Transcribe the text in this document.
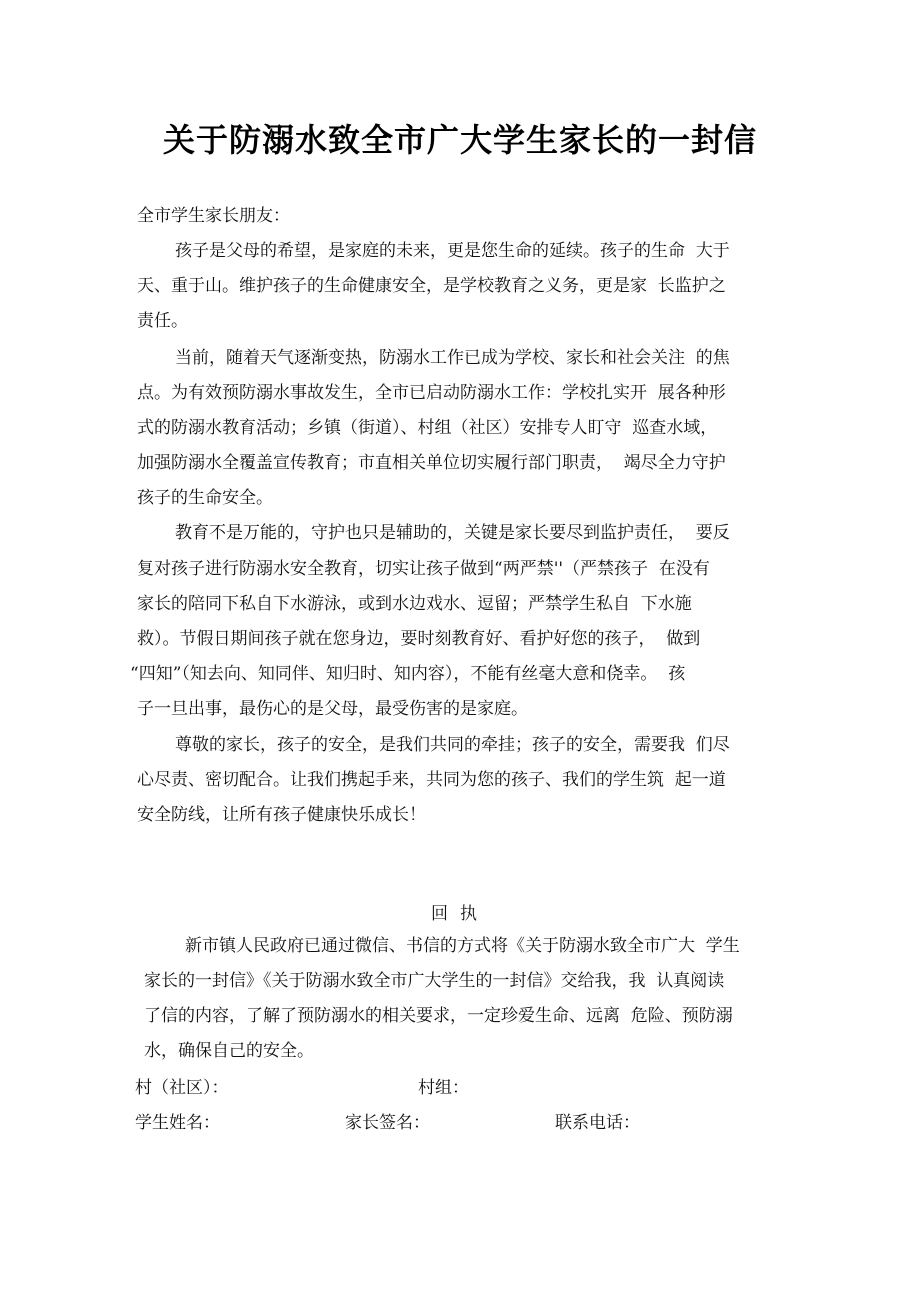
关于防溺水致全市广大学生家长的一封信
全市学生家长朋友：
孩子是父母的希望，是家庭的未来，更是您生命的延续。孩子的生命  大于
天、重于山。维护孩子的生命健康安全，是学校教育之义务，更是家  长监护之
责任。
当前，随着天气逐渐变热，防溺水工作已成为学校、家长和社会关注  的焦
点。为有效预防溺水事故发生，全市已启动防溺水工作：学校扎实开  展各种形
式的防溺水教育活动；乡镇（街道）、村组（社区）安排专人盯守  巡查水域，
加强防溺水全覆盖宣传教育；市直相关单位切实履行部门职责，  竭尽全力守护
孩子的生命安全。
教育不是万能的，守护也只是辅助的，关键是家长要尽到监护责任，  要反
复对孩子进行防溺水安全教育，切实让孩子做到“两严禁''（严禁孩子  在没有
家长的陪同下私自下水游泳，或到水边戏水、逗留；严禁学生私自  下水施
救）。节假日期间孩子就在您身边，要时刻教育好、看护好您的孩子，  做到
“四知”（知去向、知同伴、知归时、知内容），不能有丝毫大意和侥幸。  孩
子一旦出事，最伤心的是父母，最受伤害的是家庭。
尊敬的家长，孩子的安全，是我们共同的牵挂；孩子的安全，需要我  们尽
心尽责、密切配合。让我们携起手来，共同为您的孩子、我们的学生筑  起一道
安全防线，让所有孩子健康快乐成长！
回执
新市镇人民政府已通过微信、书信的方式将《关于防溺水致全市广大  学生
家长的一封信》《关于防溺水致全市广大学生的一封信》交给我，我  认真阅读
了信的内容，了解了预防溺水的相关要求，一定珍爱生命、远离  危险、预防溺
水，确保自己的安全。
村（社区）：	村组：
学生姓名：	家长签名：	联系电话：
